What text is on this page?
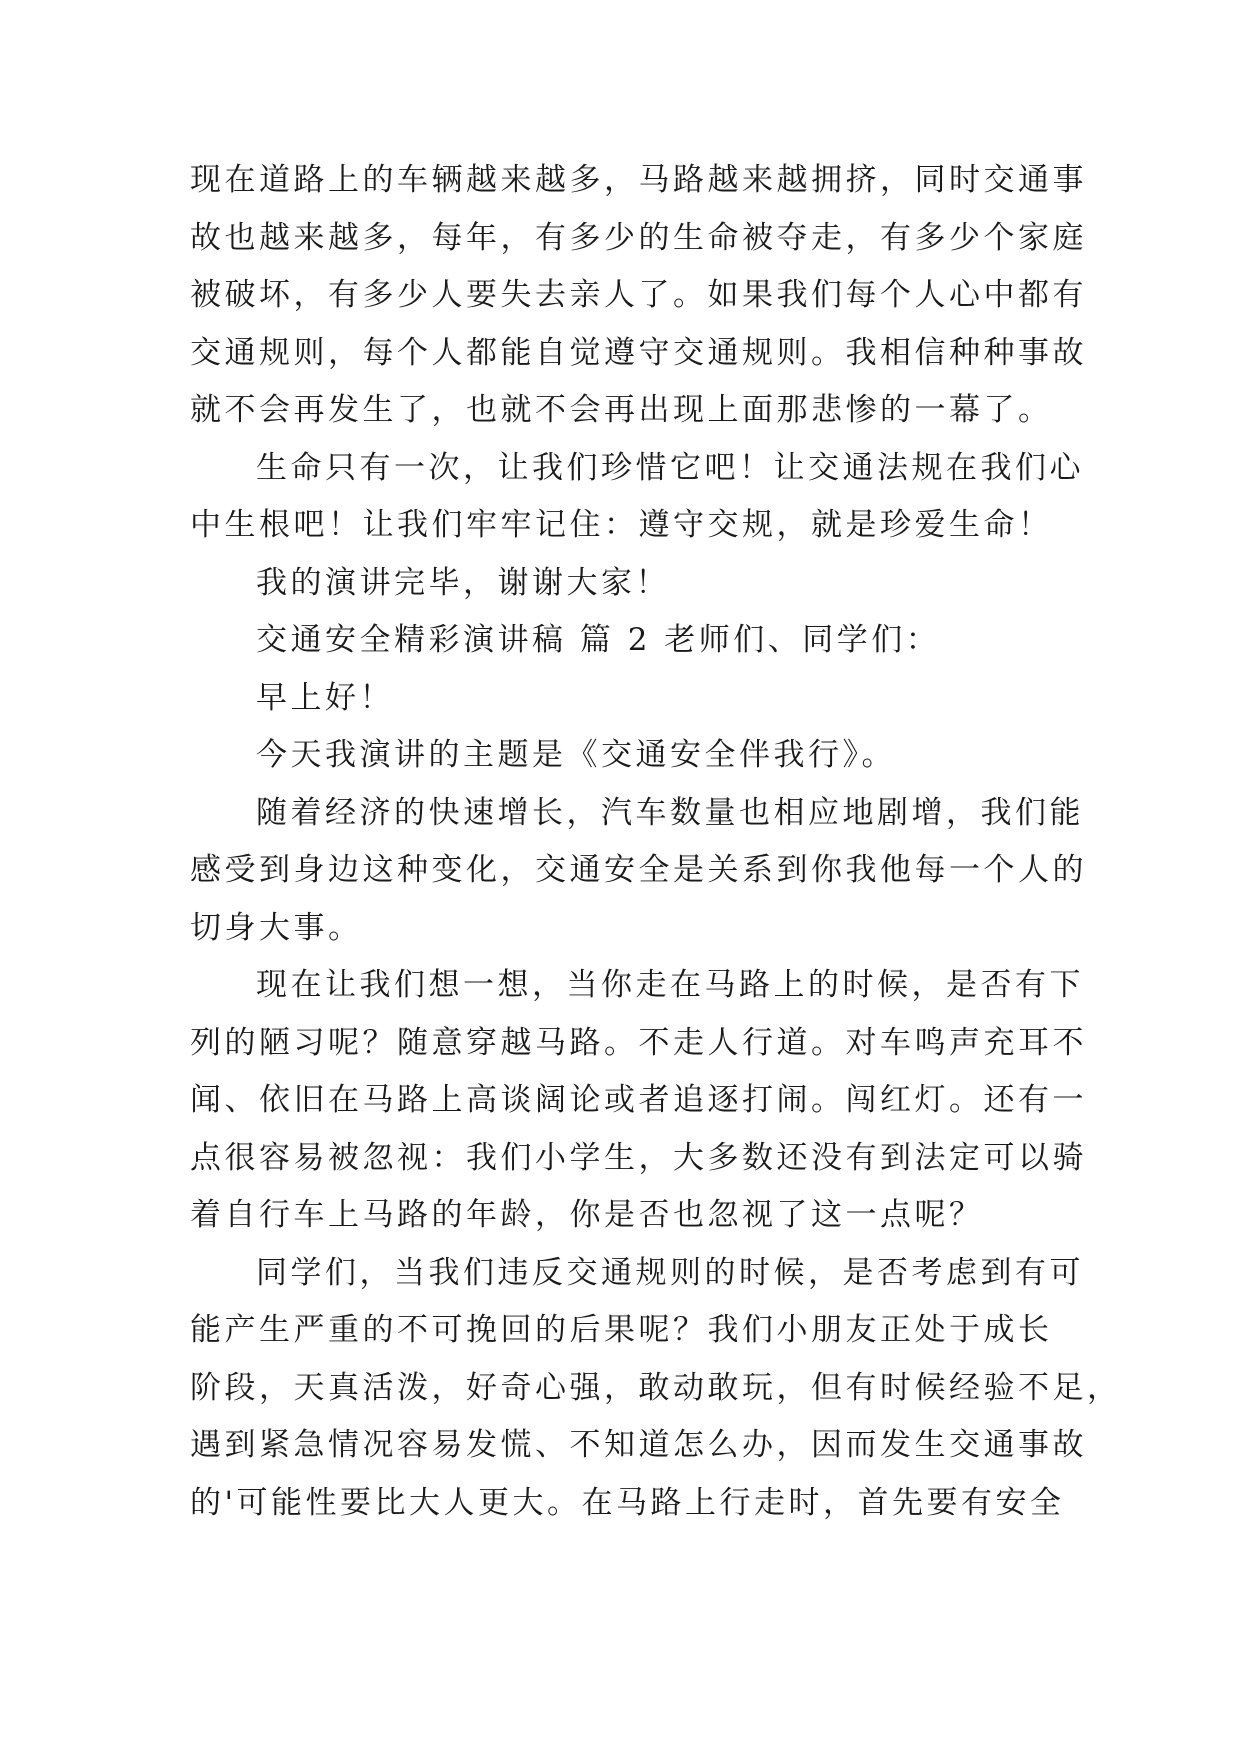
现在道路上的车辆越来越多，马路越来越拥挤，同时交通事
故也越来越多，每年，有多少的生命被夺走，有多少个家庭
被破坏，有多少人要失去亲人了。如果我们每个人心中都有
交通规则，每个人都能自觉遵守交通规则。我相信种种事故
就不会再发生了，也就不会再出现上面那悲惨的一幕了。
生命只有一次，让我们珍惜它吧！让交通法规在我们心
中生根吧！让我们牢牢记住：遵守交规，就是珍爱生命！
我的演讲完毕，谢谢大家！
交通安全精彩演讲稿 篇 2 老师们、同学们：
早上好！
今天我演讲的主题是《交通安全伴我行》。
随着经济的快速增长，汽车数量也相应地剧增，我们能
感受到身边这种变化，交通安全是关系到你我他每一个人的
切身大事。
现在让我们想一想，当你走在马路上的时候，是否有下
列的陋习呢？随意穿越马路。不走人行道。对车鸣声充耳不
闻、依旧在马路上高谈阔论或者追逐打闹。闯红灯。还有一
点很容易被忽视：我们小学生，大多数还没有到法定可以骑
着自行车上马路的年龄，你是否也忽视了这一点呢？
同学们，当我们违反交通规则的时候，是否考虑到有可
能产生严重的不可挽回的后果呢？我们小朋友正处于成长
阶段，天真活泼，好奇心强，敢动敢玩，但有时候经验不足，
遇到紧急情况容易发慌、不知道怎么办，因而发生交通事故
的'可能性要比大人更大。在马路上行走时，首先要有安全
